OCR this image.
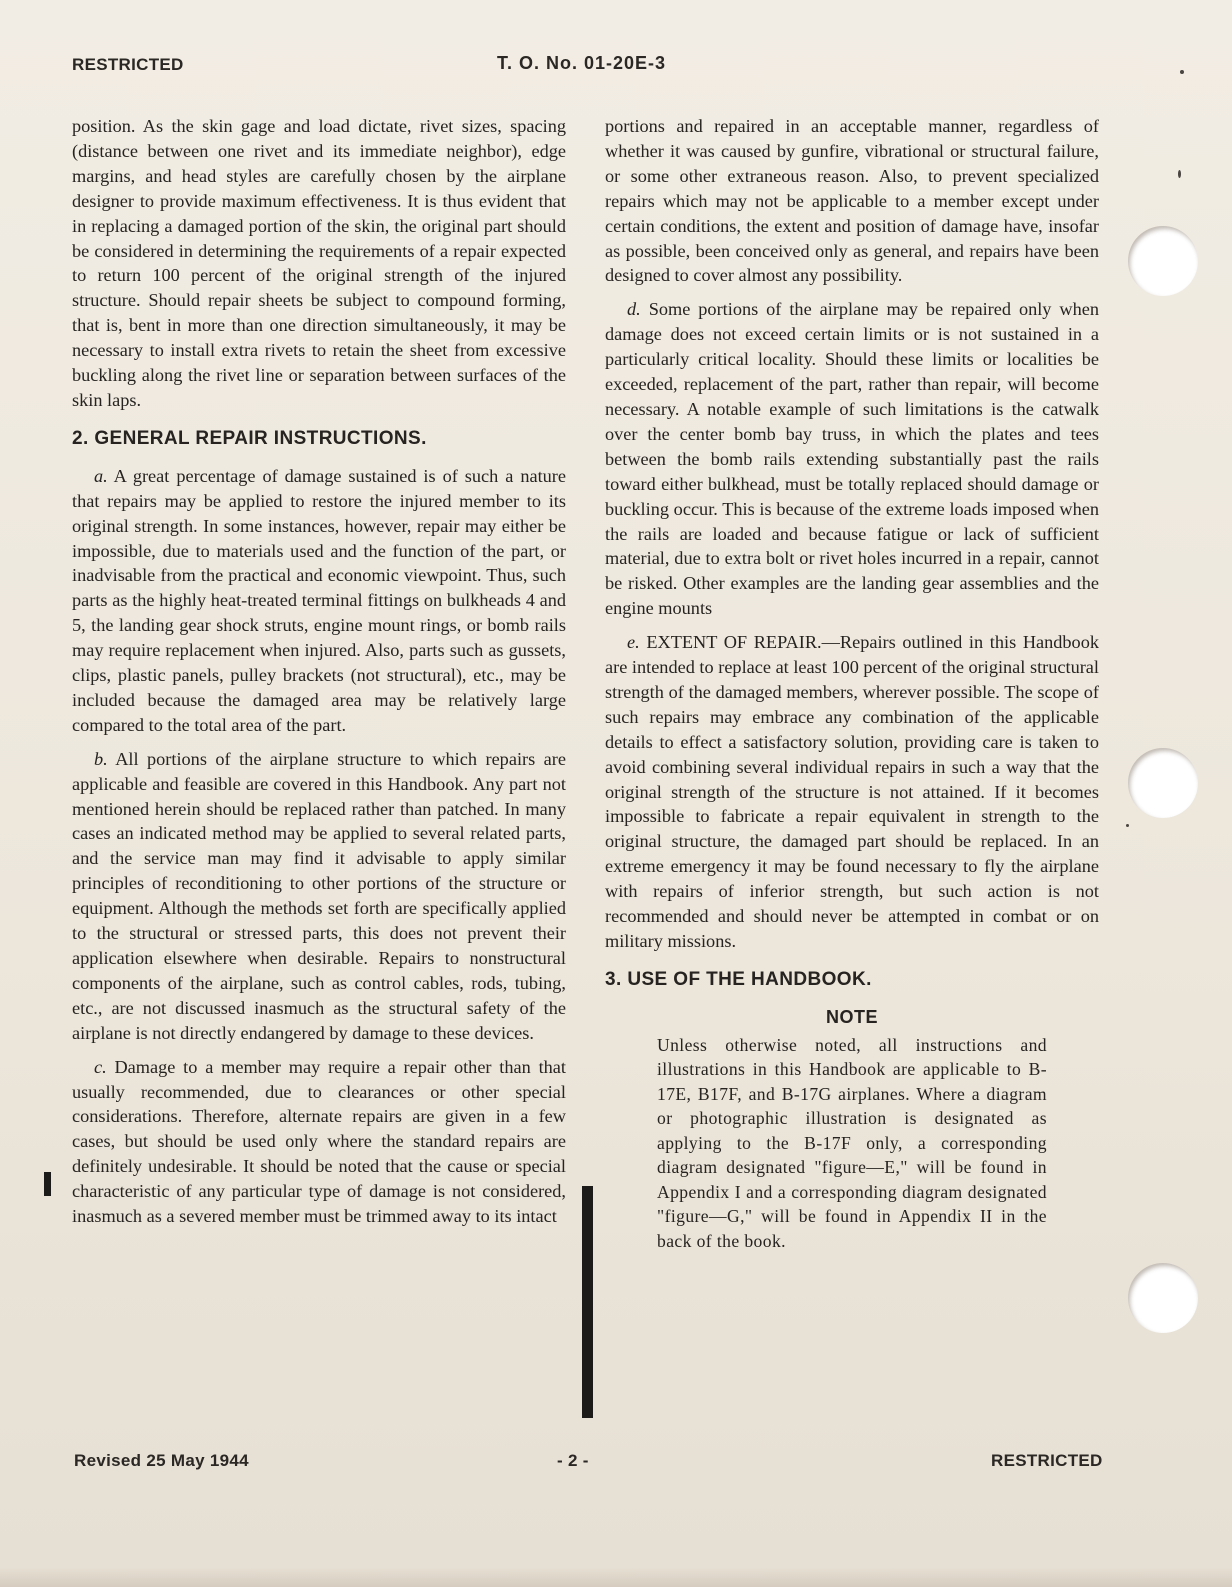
RESTRICTED	T. O. No. 01-20E-3

position. As the skin gage and load dictate, rivet sizes, spacing (distance between one rivet and its immediate neighbor), edge margins, and head styles are carefully chosen by the airplane designer to provide maximum effectiveness. It is thus evident that in replacing a damaged portion of the skin, the original part should be considered in determining the requirements of a repair expected to return 100 percent of the original strength of the injured structure. Should repair sheets be subject to compound forming, that is, bent in more than one direction simultaneously, it may be necessary to install extra rivets to retain the sheet from excessive buckling along the rivet line or separation between surfaces of the skin laps.

2. GENERAL REPAIR INSTRUCTIONS.

a. A great percentage of damage sustained is of such a nature that repairs may be applied to restore the injured member to its original strength. In some instances, however, repair may either be impossible, due to materials used and the function of the part, or inadvisable from the practical and economic viewpoint. Thus, such parts as the highly heat-treated terminal fittings on bulkheads 4 and 5, the landing gear shock struts, engine mount rings, or bomb rails may require replacement when injured. Also, parts such as gussets, clips, plastic panels, pulley brackets (not structural), etc., may be included because the damaged area may be relatively large compared to the total area of the part.

b. All portions of the airplane structure to which repairs are applicable and feasible are covered in this Handbook. Any part not mentioned herein should be replaced rather than patched. In many cases an indicated method may be applied to several related parts, and the service man may find it advisable to apply similar principles of reconditioning to other portions of the structure or equipment. Although the methods set forth are specifically applied to the structural or stressed parts, this does not prevent their application elsewhere when desirable. Repairs to nonstructural components of the airplane, such as control cables, rods, tubing, etc., are not discussed inasmuch as the structural safety of the airplane is not directly endangered by damage to these devices.

c. Damage to a member may require a repair other than that usually recommended, due to clearances or other special considerations. Therefore, alternate repairs are given in a few cases, but should be used only where the standard repairs are definitely undesirable. It should be noted that the cause or special characteristic of any particular type of damage is not considered, inasmuch as a severed member must be trimmed away to its intact

portions and repaired in an acceptable manner, regardless of whether it was caused by gunfire, vibrational or structural failure, or some other extraneous reason. Also, to prevent specialized repairs which may not be applicable to a member except under certain conditions, the extent and position of damage have, insofar as possible, been conceived only as general, and repairs have been designed to cover almost any possibility.

d. Some portions of the airplane may be repaired only when damage does not exceed certain limits or is not sustained in a particularly critical locality. Should these limits or localities be exceeded, replacement of the part, rather than repair, will become necessary. A notable example of such limitations is the catwalk over the center bomb bay truss, in which the plates and tees between the bomb rails extending substantially past the rails toward either bulkhead, must be totally replaced should damage or buckling occur. This is because of the extreme loads imposed when the rails are loaded and because fatigue or lack of sufficient material, due to extra bolt or rivet holes incurred in a repair, cannot be risked. Other examples are the landing gear assemblies and the engine mounts

e. EXTENT OF REPAIR.—Repairs outlined in this Handbook are intended to replace at least 100 percent of the original structural strength of the damaged members, wherever possible. The scope of such repairs may embrace any combination of the applicable details to effect a satisfactory solution, providing care is taken to avoid combining several individual repairs in such a way that the original strength of the structure is not attained. If it becomes impossible to fabricate a repair equivalent in strength to the original structure, the damaged part should be replaced. In an extreme emergency it may be found necessary to fly the airplane with repairs of inferior strength, but such action is not recommended and should never be attempted in combat or on military missions.

3. USE OF THE HANDBOOK.
NOTE
Unless otherwise noted, all instructions and illustrations in this Handbook are applicable to B-17E, B17F, and B-17G airplanes. Where a diagram or photographic illustration is designated as applying to the B-17F only, a corresponding diagram designated "figure—E," will be found in Appendix I and a corresponding diagram designated "figure—G," will be found in Appendix II in the back of the book.
Revised 25 May 1944	- 2 -	RESTRICTED
